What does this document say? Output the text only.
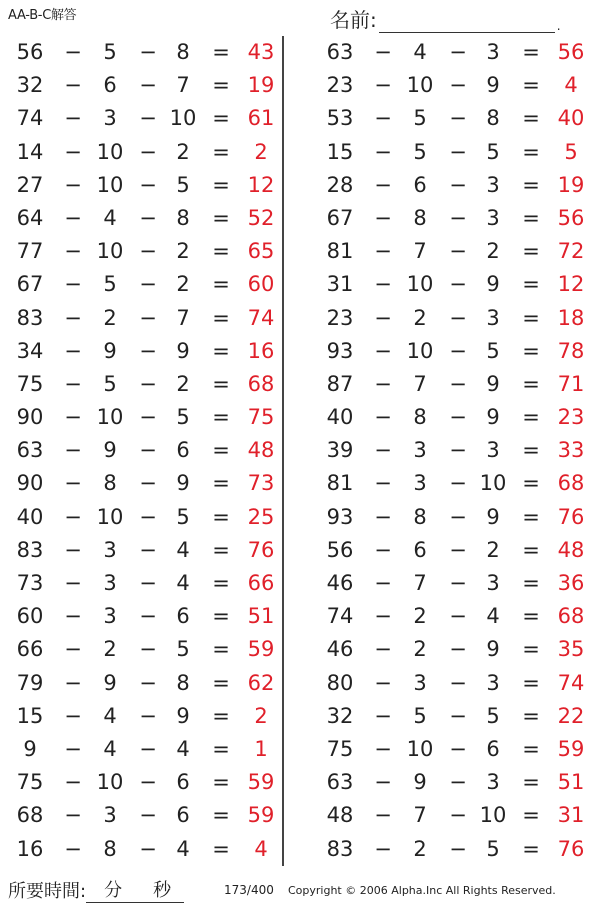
AA-B-C解答	名前:	.
56 −	5	− 8	= 43
32 −	6	− 7	= 19
74 −	3	− 10 = 61
14 − 10 − 2	=	2
27 − 10 − 5	= 12
64 −	4	− 8	= 52
77 − 10 − 2	= 65
67 −	5	− 2	= 60
83 −	2	− 7	= 74
34 −	9	− 9	= 16
75 −	5	− 2	= 68
90 − 10 − 5	= 75
63 −	9	− 6	= 48
90 −	8	− 9	= 73
40 − 10 − 5	= 25
83 −	3	− 4	= 76
73 −	3	− 4	= 66
60 −	3	− 6	= 51
66 −	2	− 5	= 59
79 −	9	− 8	= 62
15 −	4	− 9	=	2
9	−	4	− 4	=	1
75 − 10 − 6	= 59
68 −	3	− 6	= 59
16 −	8	− 4	=	4
63 −	4	− 3	= 56
23 − 10 − 9	=	4
53 −	5	− 8	= 40
15 −	5	− 5	=	5
28 −	6	− 3	= 19
67 −	8	− 3	= 56
81 −	7	− 2	= 72
31 − 10 − 9	= 12
23 −	2	− 3	= 18
93 − 10 − 5	= 78
87 −	7	− 9	= 71
40 −	8	− 9	= 23
39 −	3	− 3	= 33
81 −	3	− 10 = 68
93 −	8	− 9	= 76
56 −	6	− 2	= 48
46 −	7	− 3	= 36
74 −	2	− 4	= 68
46 −	2	− 9	= 35
80 −	3	− 3	= 74
32 −	5	− 5	= 22
75 − 10 − 6	= 59
63 −	9	− 3	= 51
48 −	7	− 10 = 31
83 −	2	− 5	= 76
所要時間:	分	秒	173/400 Copyright © 2006 Alpha.Inc All Rights Reserved.
